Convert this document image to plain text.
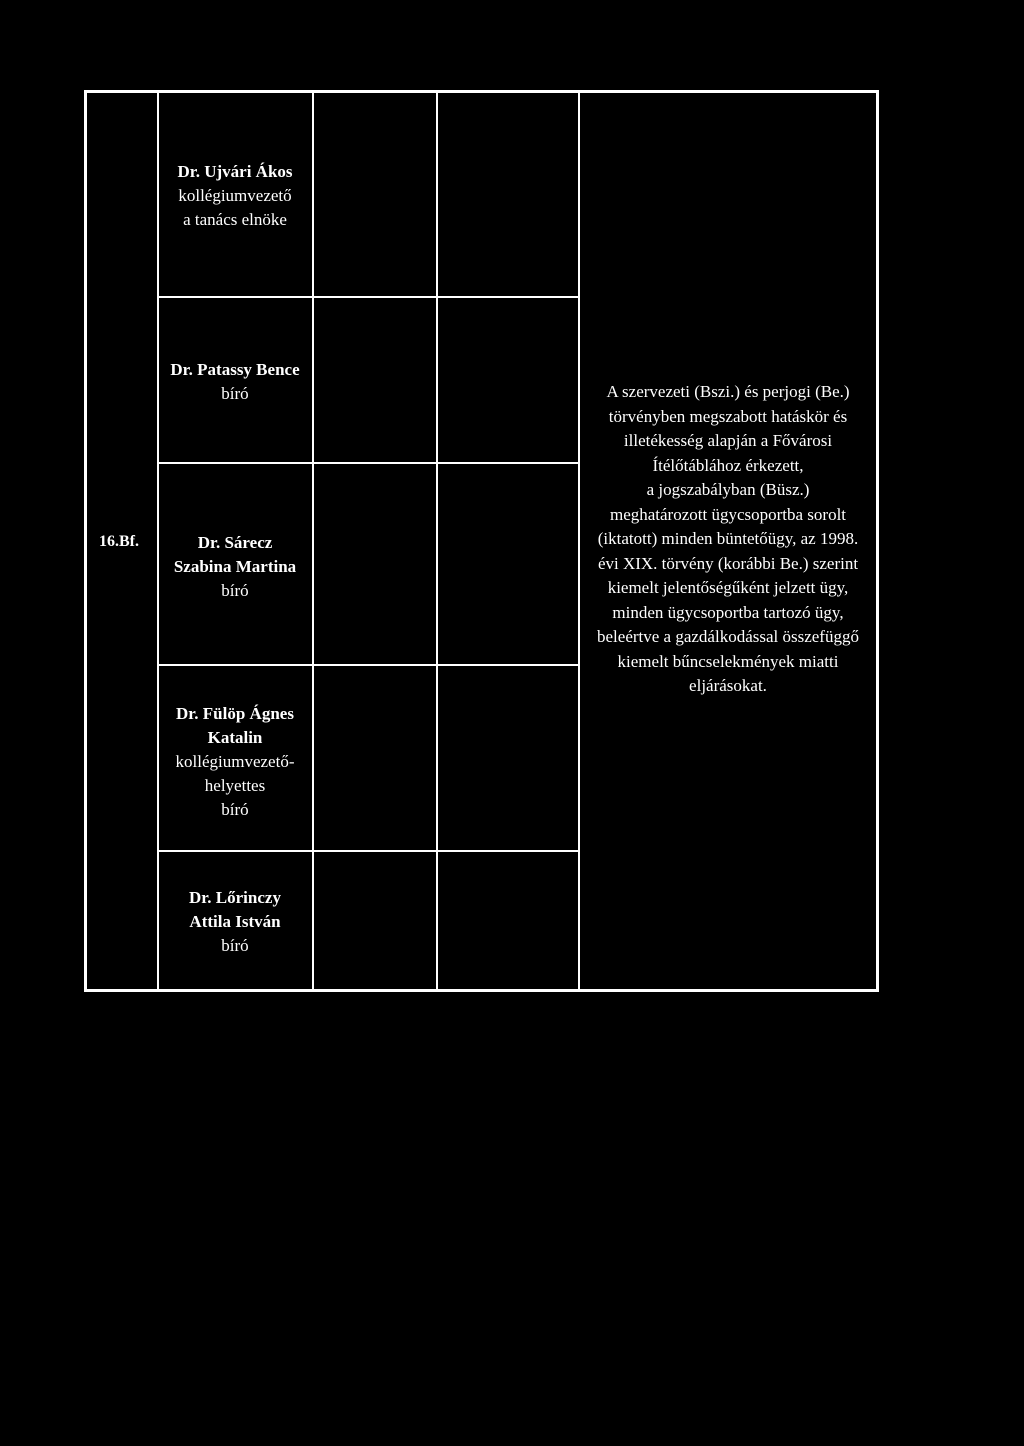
16.Bf.
Dr. Ujvári Ákos
kollégiumvezető
a tanács elnöke
Dr. Patassy Bence
bíró
Dr. Sárecz
Szabina Martina
bíró
Dr. Fülöp Ágnes
Katalin
kollégiumvezető-
helyettes
bíró
Dr. Lőrinczy
Attila István
bíró
A szervezeti (Bszi.) és perjogi (Be.)
törvényben megszabott hatáskör és
illetékesség alapján a Fővárosi
Ítélőtáblához érkezett,
a jogszabályban (Büsz.)
meghatározott ügycsoportba sorolt
(iktatott) minden büntetőügy, az 1998.
évi XIX. törvény (korábbi Be.) szerint
kiemelt jelentőségűként jelzett ügy,
minden ügycsoportba tartozó ügy,
beleértve a gazdálkodással összefüggő
kiemelt bűncselekmények miatti
eljárásokat.
